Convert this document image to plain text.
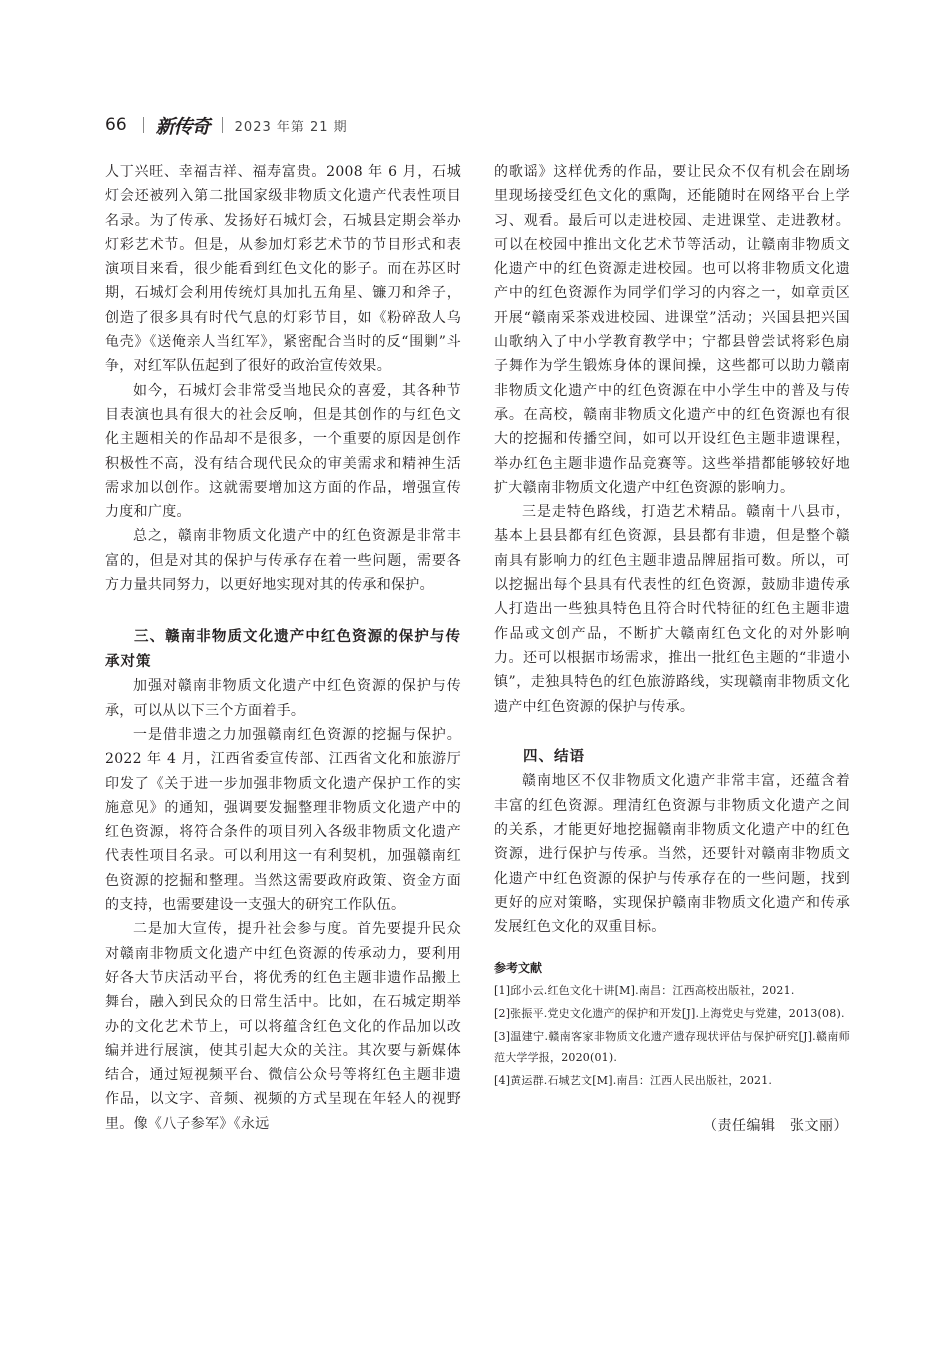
66 新传奇 2023 年第 21 期

人丁兴旺、幸福吉祥、福寿富贵。2008 年 6 月，石城灯会还被列入第二批国家级非物质文化遗产代表性项目名录。为了传承、发扬好石城灯会，石城县定期会举办灯彩艺术节。但是，从参加灯彩艺术节的节目形式和表演项目来看，很少能看到红色文化的影子。而在苏区时期，石城灯会利用传统灯具加扎五角星、镰刀和斧子，创造了很多具有时代气息的灯彩节目，如《粉碎敌人乌龟壳》《送俺亲人当红军》，紧密配合当时的反“围剿”斗争，对红军队伍起到了很好的政治宣传效果。

如今，石城灯会非常受当地民众的喜爱，其各种节目表演也具有很大的社会反响，但是其创作的与红色文化主题相关的作品却不是很多，一个重要的原因是创作积极性不高，没有结合现代民众的审美需求和精神生活需求加以创作。这就需要增加这方面的作品，增强宣传力度和广度。

总之，赣南非物质文化遗产中的红色资源是非常丰富的，但是对其的保护与传承存在着一些问题，需要各方力量共同努力，以更好地实现对其的传承和保护。

三、赣南非物质文化遗产中红色资源的保护与传承对策

加强对赣南非物质文化遗产中红色资源的保护与传承，可以从以下三个方面着手。

一是借非遗之力加强赣南红色资源的挖掘与保护。2022 年 4 月，江西省委宣传部、江西省文化和旅游厅印发了《关于进一步加强非物质文化遗产保护工作的实施意见》的通知，强调要发掘整理非物质文化遗产中的红色资源，将符合条件的项目列入各级非物质文化遗产代表性项目名录。可以利用这一有利契机，加强赣南红色资源的挖掘和整理。当然这需要政府政策、资金方面的支持，也需要建设一支强大的研究工作队伍。

二是加大宣传，提升社会参与度。首先要提升民众对赣南非物质文化遗产中红色资源的传承动力，要利用好各大节庆活动平台，将优秀的红色主题非遗作品搬上舞台，融入到民众的日常生活中。比如，在石城定期举办的文化艺术节上，可以将蕴含红色文化的作品加以改编并进行展演，使其引起大众的关注。其次要与新媒体结合，通过短视频平台、微信公众号等将红色主题非遗作品，以文字、音频、视频的方式呈现在年轻人的视野里。像《八子参军》《永远

的歌谣》这样优秀的作品，要让民众不仅有机会在剧场里现场接受红色文化的熏陶，还能随时在网络平台上学习、观看。最后可以走进校园、走进课堂、走进教材。可以在校园中推出文化艺术节等活动，让赣南非物质文化遗产中的红色资源走进校园。也可以将非物质文化遗产中的红色资源作为同学们学习的内容之一，如章贡区开展“赣南采茶戏进校园、进课堂”活动；兴国县把兴国山歌纳入了中小学教育教学中；宁都县曾尝试将彩色扇子舞作为学生锻炼身体的课间操，这些都可以助力赣南非物质文化遗产中的红色资源在中小学生中的普及与传承。在高校，赣南非物质文化遗产中的红色资源也有很大的挖掘和传播空间，如可以开设红色主题非遗课程，举办红色主题非遗作品竞赛等。这些举措都能够较好地扩大赣南非物质文化遗产中红色资源的影响力。

三是走特色路线，打造艺术精品。赣南十八县市，基本上县县都有红色资源，县县都有非遗，但是整个赣南具有影响力的红色主题非遗品牌屈指可数。所以，可以挖掘出每个县具有代表性的红色资源，鼓励非遗传承人打造出一些独具特色且符合时代特征的红色主题非遗作品或文创产品，不断扩大赣南红色文化的对外影响力。还可以根据市场需求，推出一批红色主题的“非遗小镇”，走独具特色的红色旅游路线，实现赣南非物质文化遗产中红色资源的保护与传承。

四、结语

赣南地区不仅非物质文化遗产非常丰富，还蕴含着丰富的红色资源。理清红色资源与非物质文化遗产之间的关系，才能更好地挖掘赣南非物质文化遗产中的红色资源，进行保护与传承。当然，还要针对赣南非物质文化遗产中红色资源的保护与传承存在的一些问题，找到更好的应对策略，实现保护赣南非物质文化遗产和传承发展红色文化的双重目标。

参考文献
[1]邱小云.红色文化十讲[M].南昌：江西高校出版社，2021.
[2]张振平.党史文化遗产的保护和开发[J].上海党史与党建，2013(08).
[3]温建宁.赣南客家非物质文化遗产遗存现状评估与保护研究[J].赣南师范大学学报，2020(01).
[4]黄运群.石城艺文[M].南昌：江西人民出版社，2021.
（责任编辑　张文丽）
